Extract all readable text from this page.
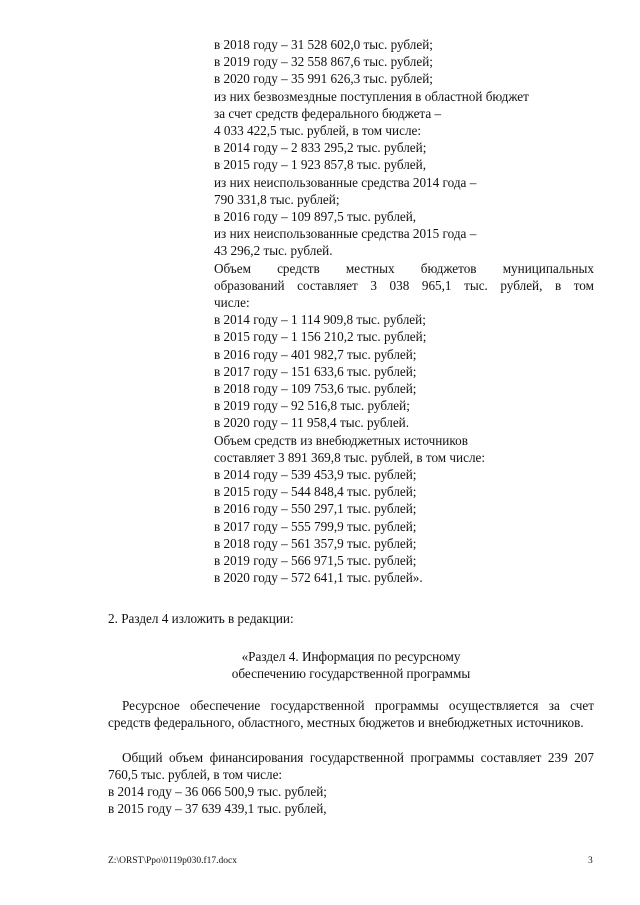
в 2018 году – 31 528 602,0 тыс. рублей;
в 2019 году – 32 558 867,6 тыс. рублей;
в 2020 году – 35 991 626,3 тыс. рублей;
из них безвозмездные поступления в областной бюджет
за счет средств федерального бюджета –
4 033 422,5 тыс. рублей, в том числе:
в 2014 году – 2 833 295,2 тыс. рублей;
в 2015 году – 1 923 857,8 тыс. рублей,
из них неиспользованные средства 2014 года –
790 331,8 тыс. рублей;
в 2016 году – 109 897,5 тыс. рублей,
из них неиспользованные средства 2015 года –
43 296,2 тыс. рублей.
Объем средств местных бюджетов муниципальных
образований составляет 3 038 965,1 тыс. рублей, в том
числе:
в 2014 году – 1 114 909,8 тыс. рублей;
в 2015 году – 1 156 210,2 тыс. рублей;
в 2016 году – 401 982,7 тыс. рублей;
в 2017 году – 151 633,6 тыс. рублей;
в 2018 году – 109 753,6 тыс. рублей;
в 2019 году – 92 516,8 тыс. рублей;
в 2020 году – 11 958,4 тыс. рублей.
Объем средств из внебюджетных источников
составляет 3 891 369,8 тыс. рублей, в том числе:
в 2014 году – 539 453,9 тыс. рублей;
в 2015 году – 544 848,4 тыс. рублей;
в 2016 году – 550 297,1 тыс. рублей;
в 2017 году – 555 799,9 тыс. рублей;
в 2018 году – 561 357,9 тыс. рублей;
в 2019 году – 566 971,5 тыс. рублей;
в 2020 году – 572 641,1 тыс. рублей».
2. Раздел 4 изложить в редакции:
«Раздел 4. Информация по ресурсному
обеспечению государственной программы
Ресурсное обеспечение государственной программы осуществляется за счет средств федерального, областного, местных бюджетов и внебюджетных источников.
Общий объем финансирования государственной программы составляет 239 207 760,5 тыс. рублей, в том числе:
в 2014 году – 36 066 500,9 тыс. рублей;
в 2015 году – 37 639 439,1 тыс. рублей,
Z:\ORST\Ppo\0119p030.f17.docx	3
